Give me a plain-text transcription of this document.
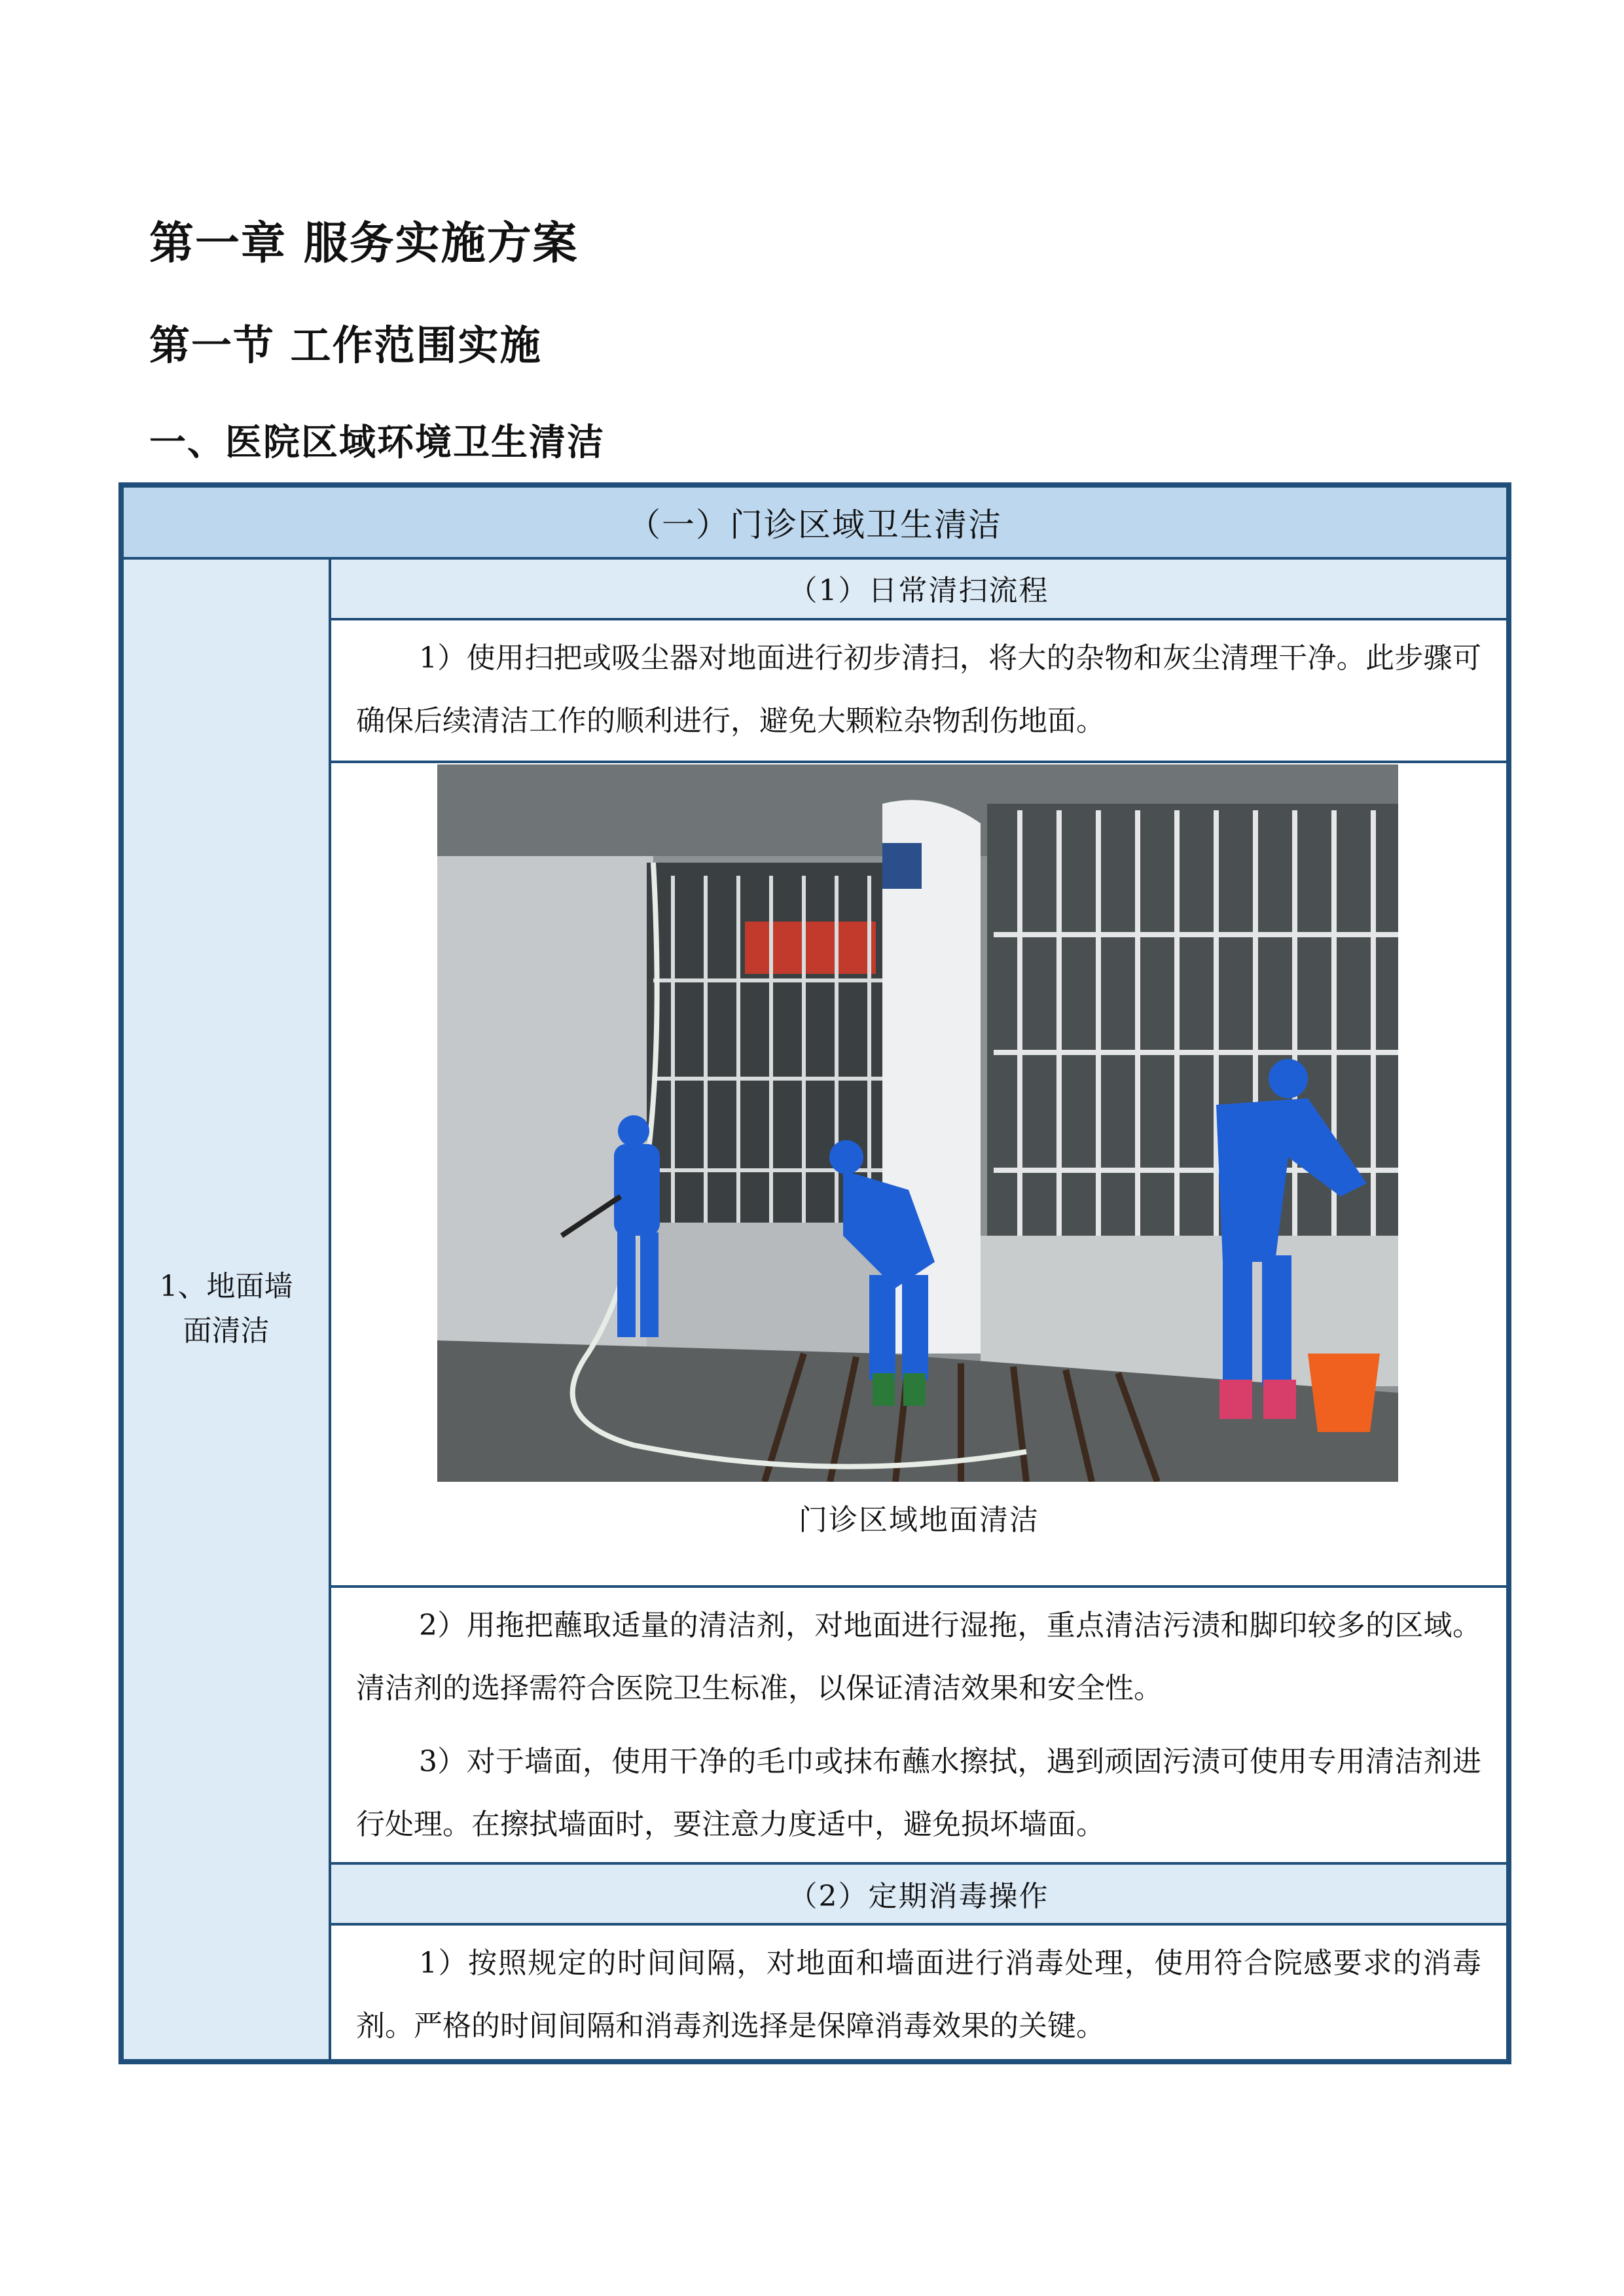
第一章 服务实施方案
第一节 工作范围实施
一、医院区域环境卫生清洁
（一）门诊区域卫生清洁
1、地面墙
面清洁
（1）日常清扫流程

1）使用扫把或吸尘器对地面进行初步清扫，将大的杂物和灰尘清理干净。此步骤可确保后续清洁工作的顺利进行，避免大颗粒杂物刮伤地面。

门诊区域地面清洁

2）用拖把蘸取适量的清洁剂，对地面进行湿拖，重点清洁污渍和脚印较多的区域。清洁剂的选择需符合医院卫生标准，以保证清洁效果和安全性。

3）对于墙面，使用干净的毛巾或抹布蘸水擦拭，遇到顽固污渍可使用专用清洁剂进行处理。在擦拭墙面时，要注意力度适中，避免损坏墙面。

（2）定期消毒操作

1）按照规定的时间间隔，对地面和墙面进行消毒处理，使用符合院感要求的消毒剂。严格的时间间隔和消毒剂选择是保障消毒效果的关键。
